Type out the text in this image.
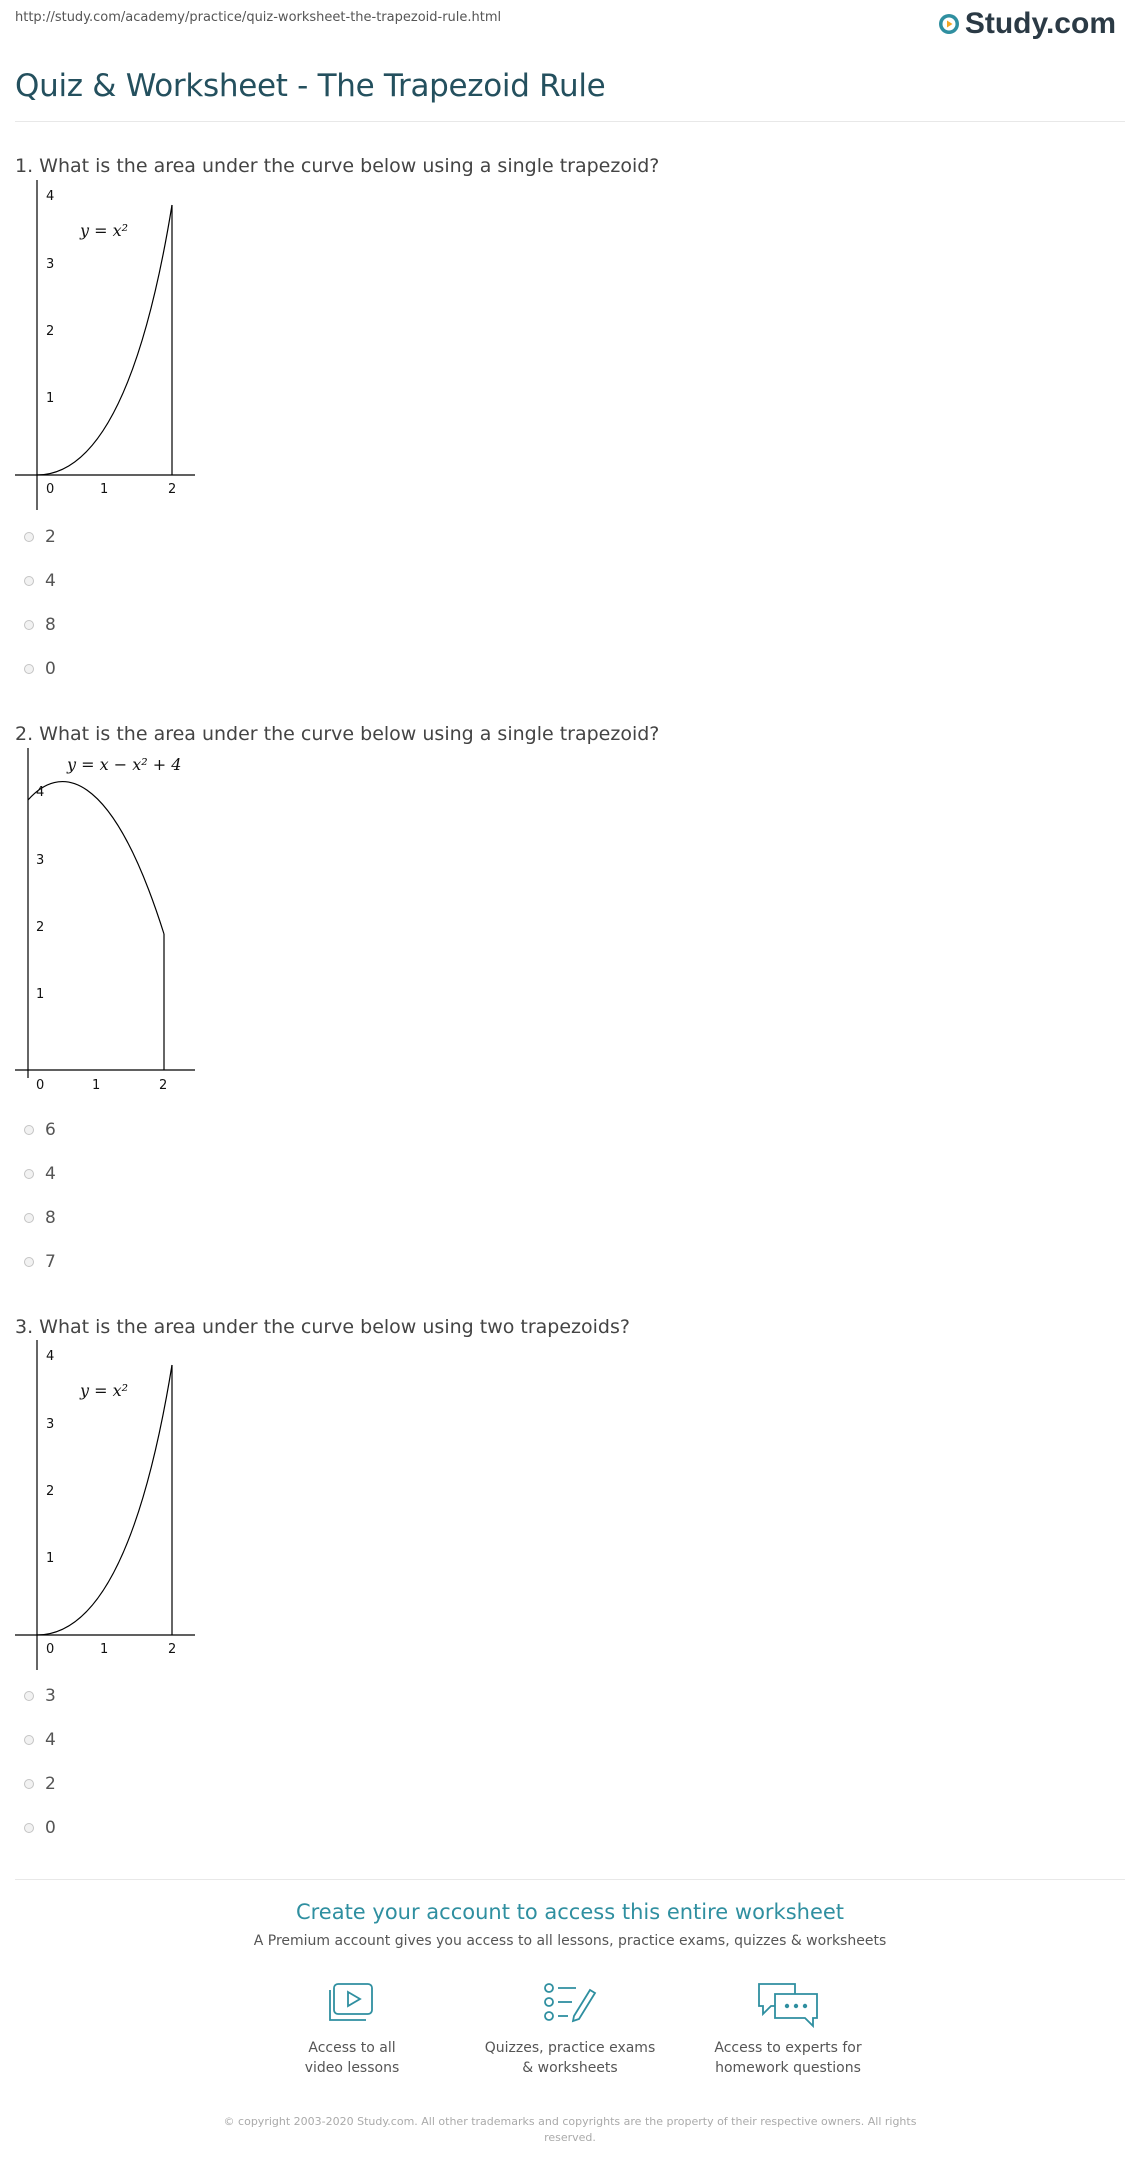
http://study.com/academy/practice/quiz-worksheet-the-trapezoid-rule.html	Study.com
Quiz & Worksheet - The Trapezoid Rule
1. What is the area under the curve below using a single trapezoid?
4
3
2
1
0	1	2
y = x²
2
4
8
0
2. What is the area under the curve below using a single trapezoid?
4
3
2
1
0	1	2
y = x − x² + 4
6
4
8
7
3. What is the area under the curve below using two trapezoids?
4
3
2
1
0	1	2
y = x²
3
4
2
0
Create your account to access this entire worksheet
A Premium account gives you access to all lessons, practice exams, quizzes & worksheets
Access to all
video lessons
Quizzes, practice exams
& worksheets
Access to experts for
homework questions
© copyright 2003-2020 Study.com. All other trademarks and copyrights are the property of their respective owners. All rights
reserved.
